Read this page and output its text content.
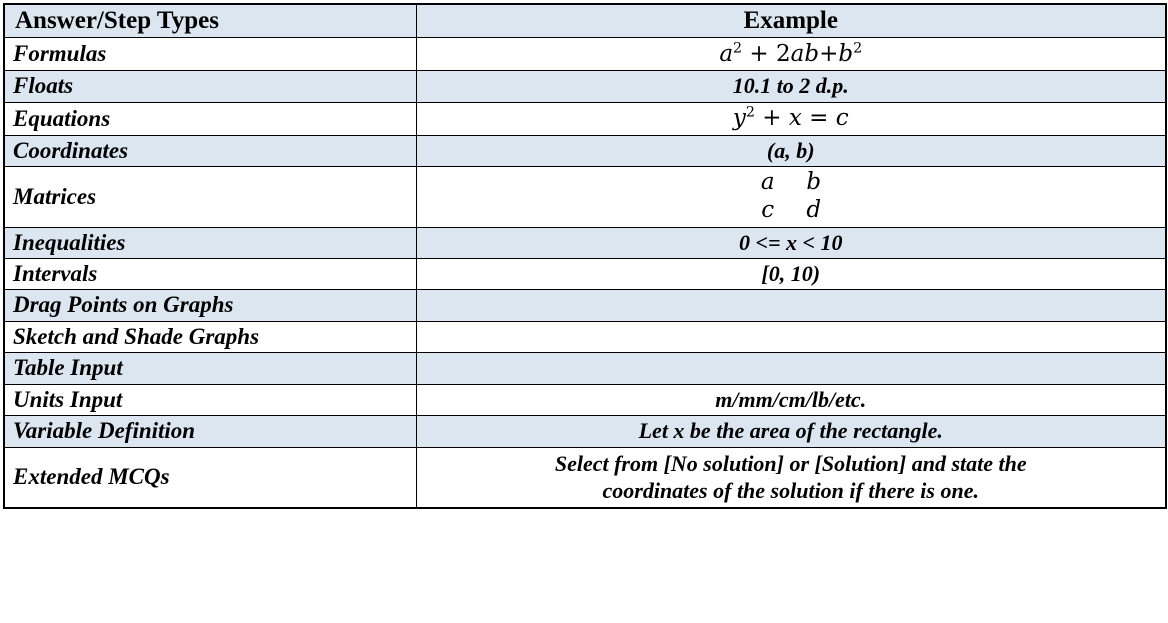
Answer/Step Types	Example
Formulas	$a^2 + 2ab+b^2$
Floats	10.1 to 2 d.p.
Equations	$y^2 + x = c$
Coordinates	(a, b)
Matrices	a b
c d
Inequalities	0 <= x < 10
Intervals	[0, 10)
Drag Points on Graphs	
Sketch and Shade Graphs	
Table Input	
Units Input	m/mm/cm/lb/etc.
Variable Definition	Let x be the area of the rectangle.
Extended MCQs	Select from [No solution] or [Solution] and state the
coordinates of the solution if there is one.
